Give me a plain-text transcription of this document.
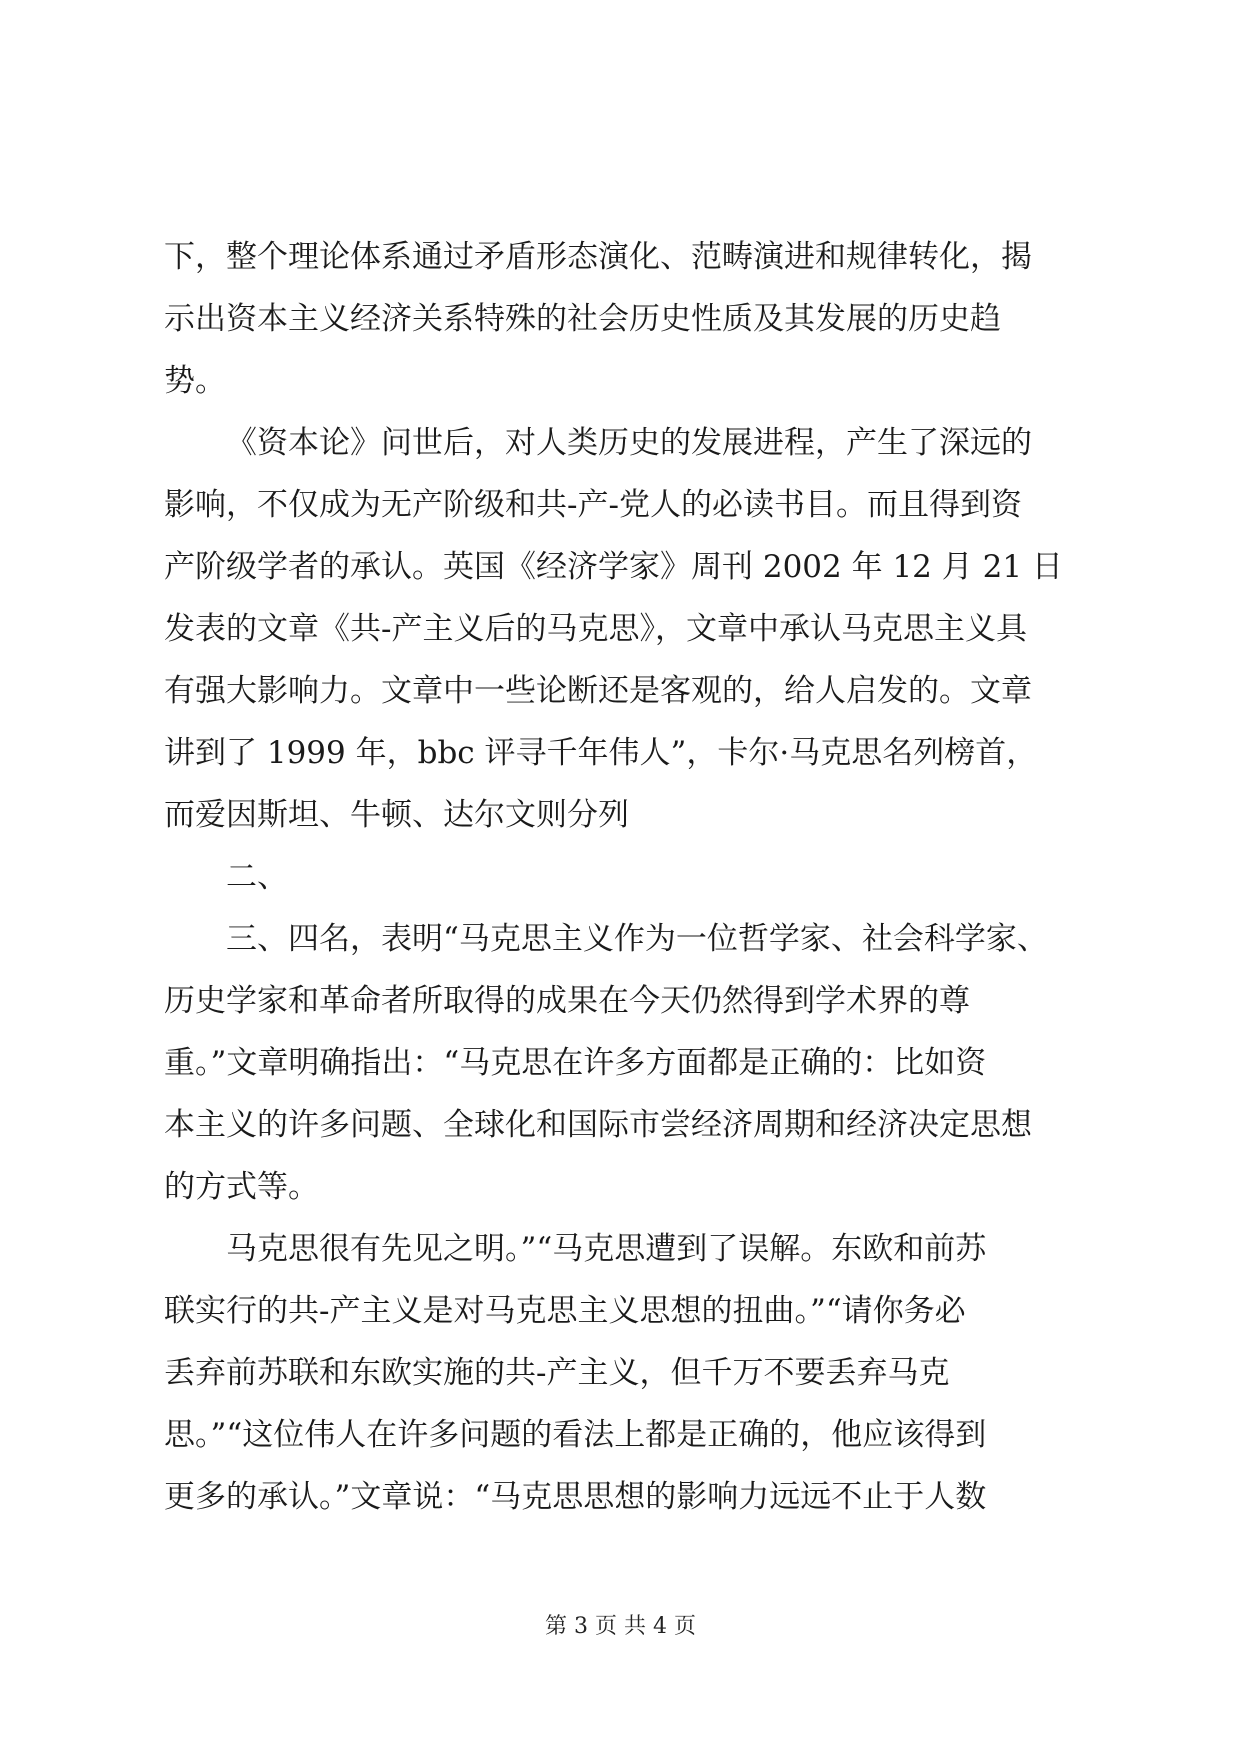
下，整个理论体系通过矛盾形态演化、范畴演进和规律转化，揭
示出资本主义经济关系特殊的社会历史性质及其发展的历史趋
势。
《资本论》问世后，对人类历史的发展进程，产生了深远的
影响，不仅成为无产阶级和共-产-党人的必读书目。而且得到资
产阶级学者的承认。英国《经济学家》周刊 2002 年 12 月 21 日
发表的文章《共-产主义后的马克思》，文章中承认马克思主义具
有强大影响力。文章中一些论断还是客观的，给人启发的。文章
讲到了 1999 年，bbc 评寻千年伟人”，卡尔·马克思名列榜首，
而爱因斯坦、牛顿、达尔文则分列
二、
三、四名，表明“马克思主义作为一位哲学家、社会科学家、
历史学家和革命者所取得的成果在今天仍然得到学术界的尊
重。”文章明确指出：“马克思在许多方面都是正确的：比如资
本主义的许多问题、全球化和国际市尝经济周期和经济决定思想
的方式等。
马克思很有先见之明。”“马克思遭到了误解。东欧和前苏
联实行的共-产主义是对马克思主义思想的扭曲。”“请你务必
丢弃前苏联和东欧实施的共-产主义，但千万不要丢弃马克
思。”“这位伟人在许多问题的看法上都是正确的，他应该得到
更多的承认。”文章说：“马克思思想的影响力远远不止于人数
第 3 页 共 4 页
